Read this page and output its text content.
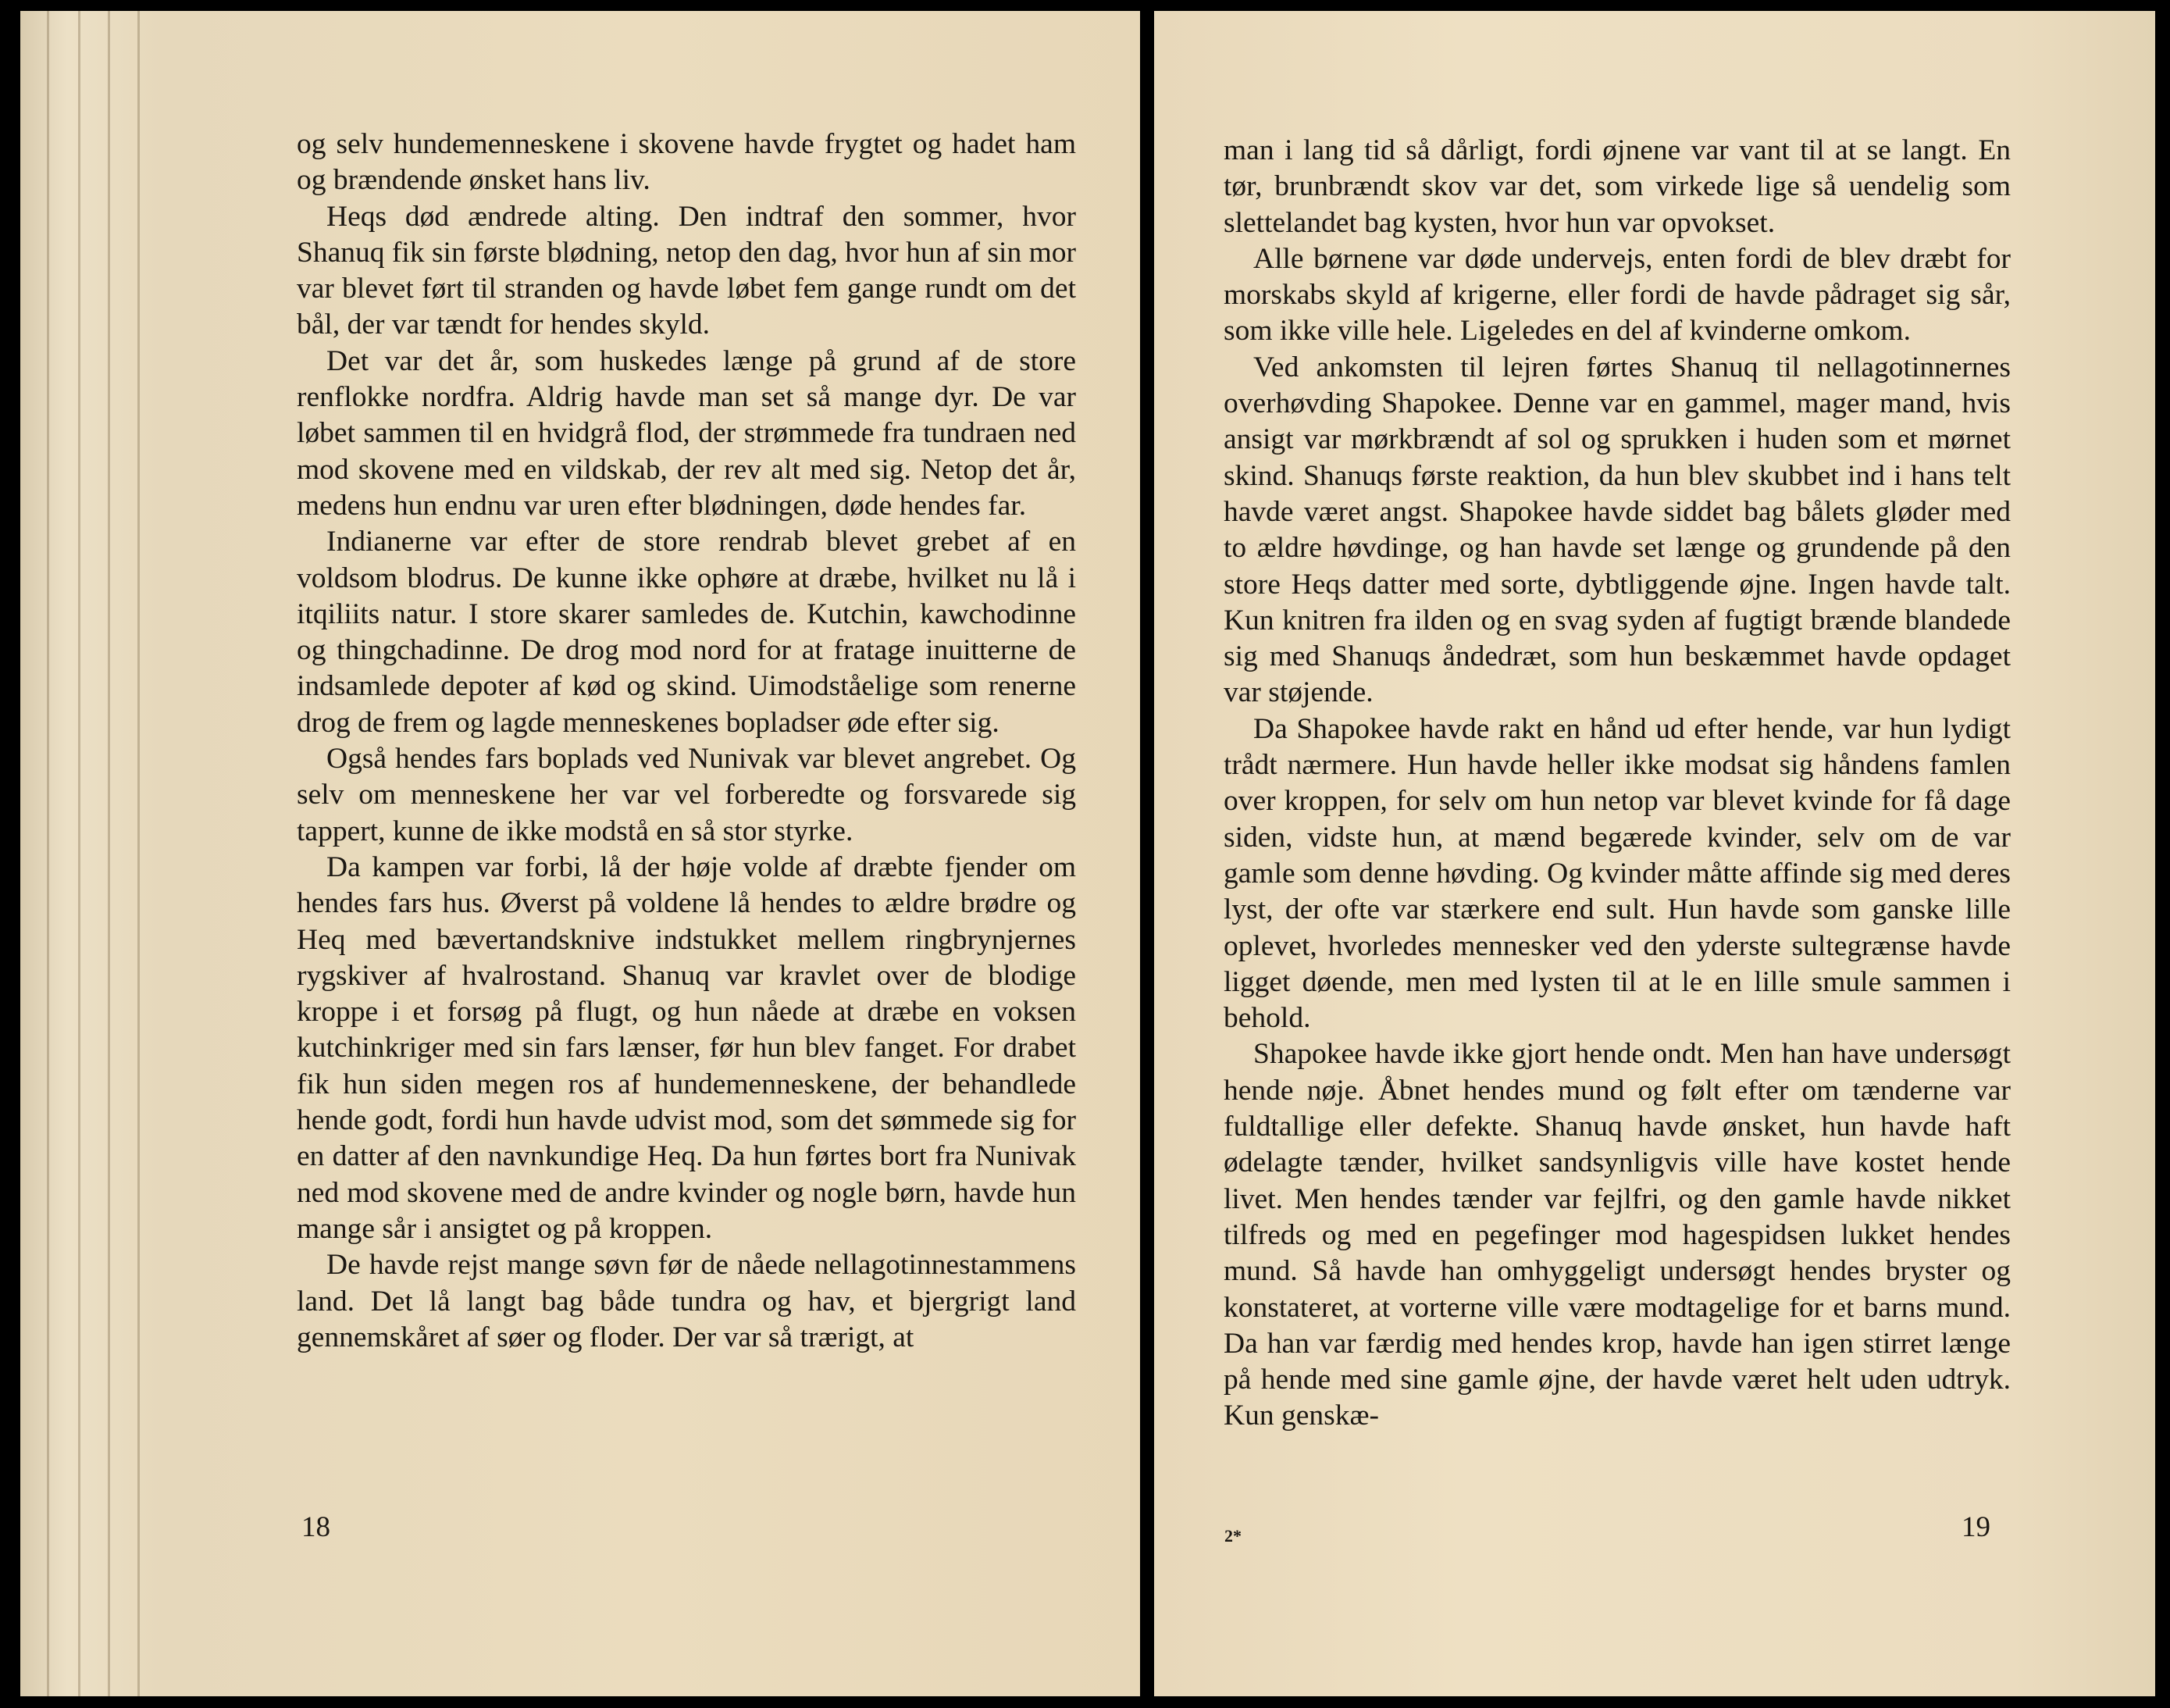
og selv hundemenneskene i skovene havde frygtet og hadet ham og brændende ønsket hans liv.

Heqs død ændrede alting. Den indtraf den sommer, hvor Shanuq fik sin første blødning, netop den dag, hvor hun af sin mor var blevet ført til stranden og havde løbet fem gange rundt om det bål, der var tændt for hendes skyld.

Det var det år, som huskedes længe på grund af de store renflokke nordfra. Aldrig havde man set så mange dyr. De var løbet sammen til en hvidgrå flod, der strømmede fra tundraen ned mod skovene med en vildskab, der rev alt med sig. Netop det år, medens hun endnu var uren efter blødningen, døde hendes far.

Indianerne var efter de store rendrab blevet grebet af en voldsom blodrus. De kunne ikke ophøre at dræbe, hvilket nu lå i itqiliits natur. I store skarer samledes de. Kutchin, kawchodinne og thingchadinne. De drog mod nord for at fratage inuitterne de indsamlede depoter af kød og skind. Uimodståelige som renerne drog de frem og lagde menneskenes bopladser øde efter sig.

Også hendes fars boplads ved Nunivak var blevet angrebet. Og selv om menneskene her var vel forberedte og forsvarede sig tappert, kunne de ikke modstå en så stor styrke.

Da kampen var forbi, lå der høje volde af dræbte fjender om hendes fars hus. Øverst på voldene lå hendes to ældre brødre og Heq med bævertandsknive indstukket mellem ringbrynjernes rygskiver af hvalrostand. Shanuq var kravlet over de blodige kroppe i et forsøg på flugt, og hun nåede at dræbe en voksen kutchinkriger med sin fars lænser, før hun blev fanget. For drabet fik hun siden megen ros af hundemenneskene, der behandlede hende godt, fordi hun havde udvist mod, som det sømmede sig for en datter af den navnkundige Heq. Da hun førtes bort fra Nunivak ned mod skovene med de andre kvinder og nogle børn, havde hun mange sår i ansigtet og på kroppen.

De havde rejst mange søvn før de nåede nellagotinnestammens land. Det lå langt bag både tundra og hav, et bjergrigt land gennemskåret af søer og floder. Der var så trærigt, at

18

man i lang tid så dårligt, fordi øjnene var vant til at se langt. En tør, brunbrændt skov var det, som virkede lige så uendelig som slettelandet bag kysten, hvor hun var opvokset.

Alle børnene var døde undervejs, enten fordi de blev dræbt for morskabs skyld af krigerne, eller fordi de havde pådraget sig sår, som ikke ville hele. Ligeledes en del af kvinderne omkom.

Ved ankomsten til lejren førtes Shanuq til nellagotinnernes overhøvding Shapokee. Denne var en gammel, mager mand, hvis ansigt var mørkbrændt af sol og sprukken i huden som et mørnet skind. Shanuqs første reaktion, da hun blev skubbet ind i hans telt havde været angst. Shapokee havde siddet bag bålets gløder med to ældre høvdinge, og han havde set længe og grundende på den store Heqs datter med sorte, dybtliggende øjne. Ingen havde talt. Kun knitren fra ilden og en svag syden af fugtigt brænde blandede sig med Shanuqs åndedræt, som hun beskæmmet havde opdaget var støjende.

Da Shapokee havde rakt en hånd ud efter hende, var hun lydigt trådt nærmere. Hun havde heller ikke modsat sig håndens famlen over kroppen, for selv om hun netop var blevet kvinde for få dage siden, vidste hun, at mænd begærede kvinder, selv om de var gamle som denne høvding. Og kvinder måtte affinde sig med deres lyst, der ofte var stærkere end sult. Hun havde som ganske lille oplevet, hvorledes mennesker ved den yderste sultegrænse havde ligget døende, men med lysten til at le en lille smule sammen i behold.

Shapokee havde ikke gjort hende ondt. Men han have undersøgt hende nøje. Åbnet hendes mund og følt efter om tænderne var fuldtallige eller defekte. Shanuq havde ønsket, hun havde haft ødelagte tænder, hvilket sandsynligvis ville have kostet hende livet. Men hendes tænder var fejlfri, og den gamle havde nikket tilfreds og med en pegefinger mod hagespidsen lukket hendes mund. Så havde han omhyggeligt undersøgt hendes bryster og konstateret, at vorterne ville være modtagelige for et barns mund. Da han var færdig med hendes krop, havde han igen stirret længe på hende med sine gamle øjne, der havde været helt uden udtryk. Kun genskæ-

2*	19
